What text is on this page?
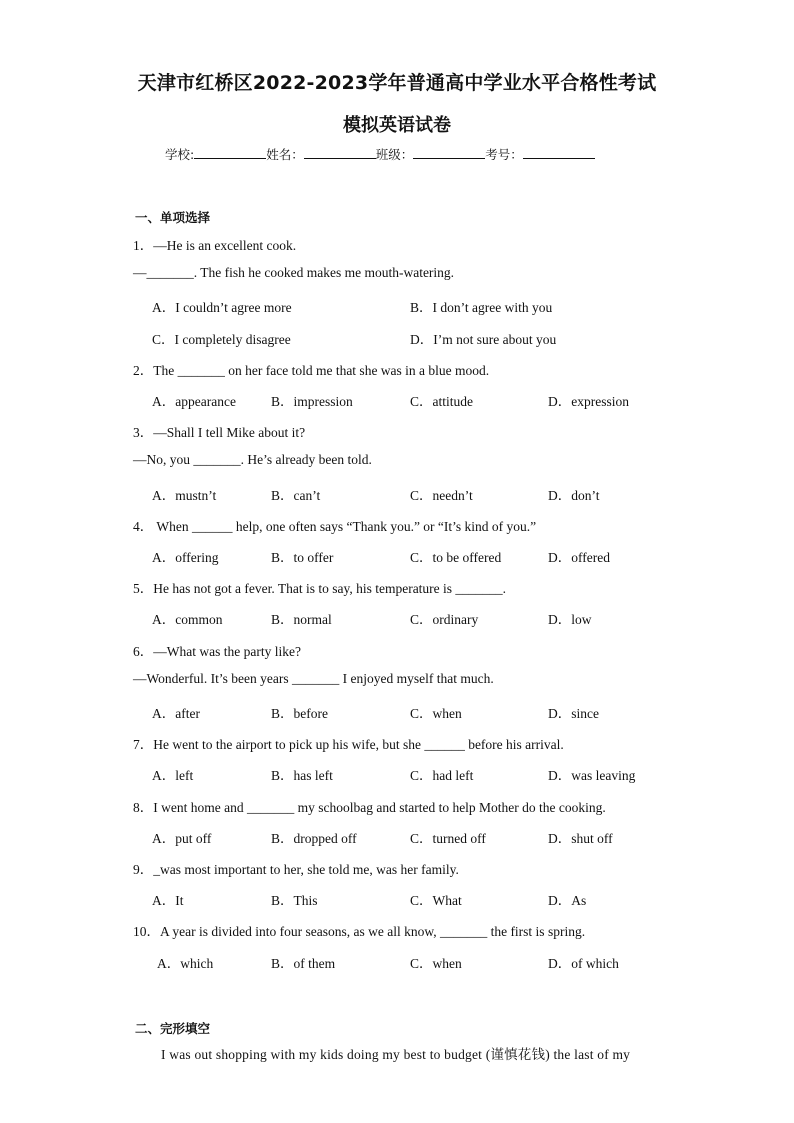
天津市红桥区2022-2023学年普通高中学业水平合格性考试
模拟英语试卷
学校:	姓名：	班级：	考号：
一、单项选择
1．—He is an excellent cook.
—_______. The fish he cooked makes me mouth-watering.
A．I couldn’t agree more	B．I don’t agree with you
C．I completely disagree	D．I’m not sure about you
2．The _______ on her face told me that she was in a blue mood.
A．appearance	B．impression	C．attitude	D．expression
3．—Shall I tell Mike about it?
—No, you _______. He’s already been told.
A．mustn’t	B．can’t	C．needn’t	D．don’t
4． When ______ help, one often says “Thank you.” or “It’s kind of you.”
A．offering	B．to offer	C．to be offered	D．offered
5．He has not got a fever. That is to say, his temperature is _______.
A．common	B．normal	C．ordinary	D．low
6．—What was the party like?
—Wonderful. It’s been years _______ I enjoyed myself that much.
A．after	B．before	C．when	D．since
7．He went to the airport to pick up his wife, but she ______ before his arrival.
A．left	B．has left	C．had left	D．was leaving
8．I went home and _______ my schoolbag and started to help Mother do the cooking.
A．put off	B．dropped off	C．turned off	D．shut off
9．_was most important to her, she told me, was her family.
A．It	B．This	C．What	D．As
10．A year is divided into four seasons, as we all know, _______ the first is spring.
A．which	B．of them	C．when	D．of which
二、完形填空
I was out shopping with my kids doing my best to budget (谨慎花钱) the last of my
